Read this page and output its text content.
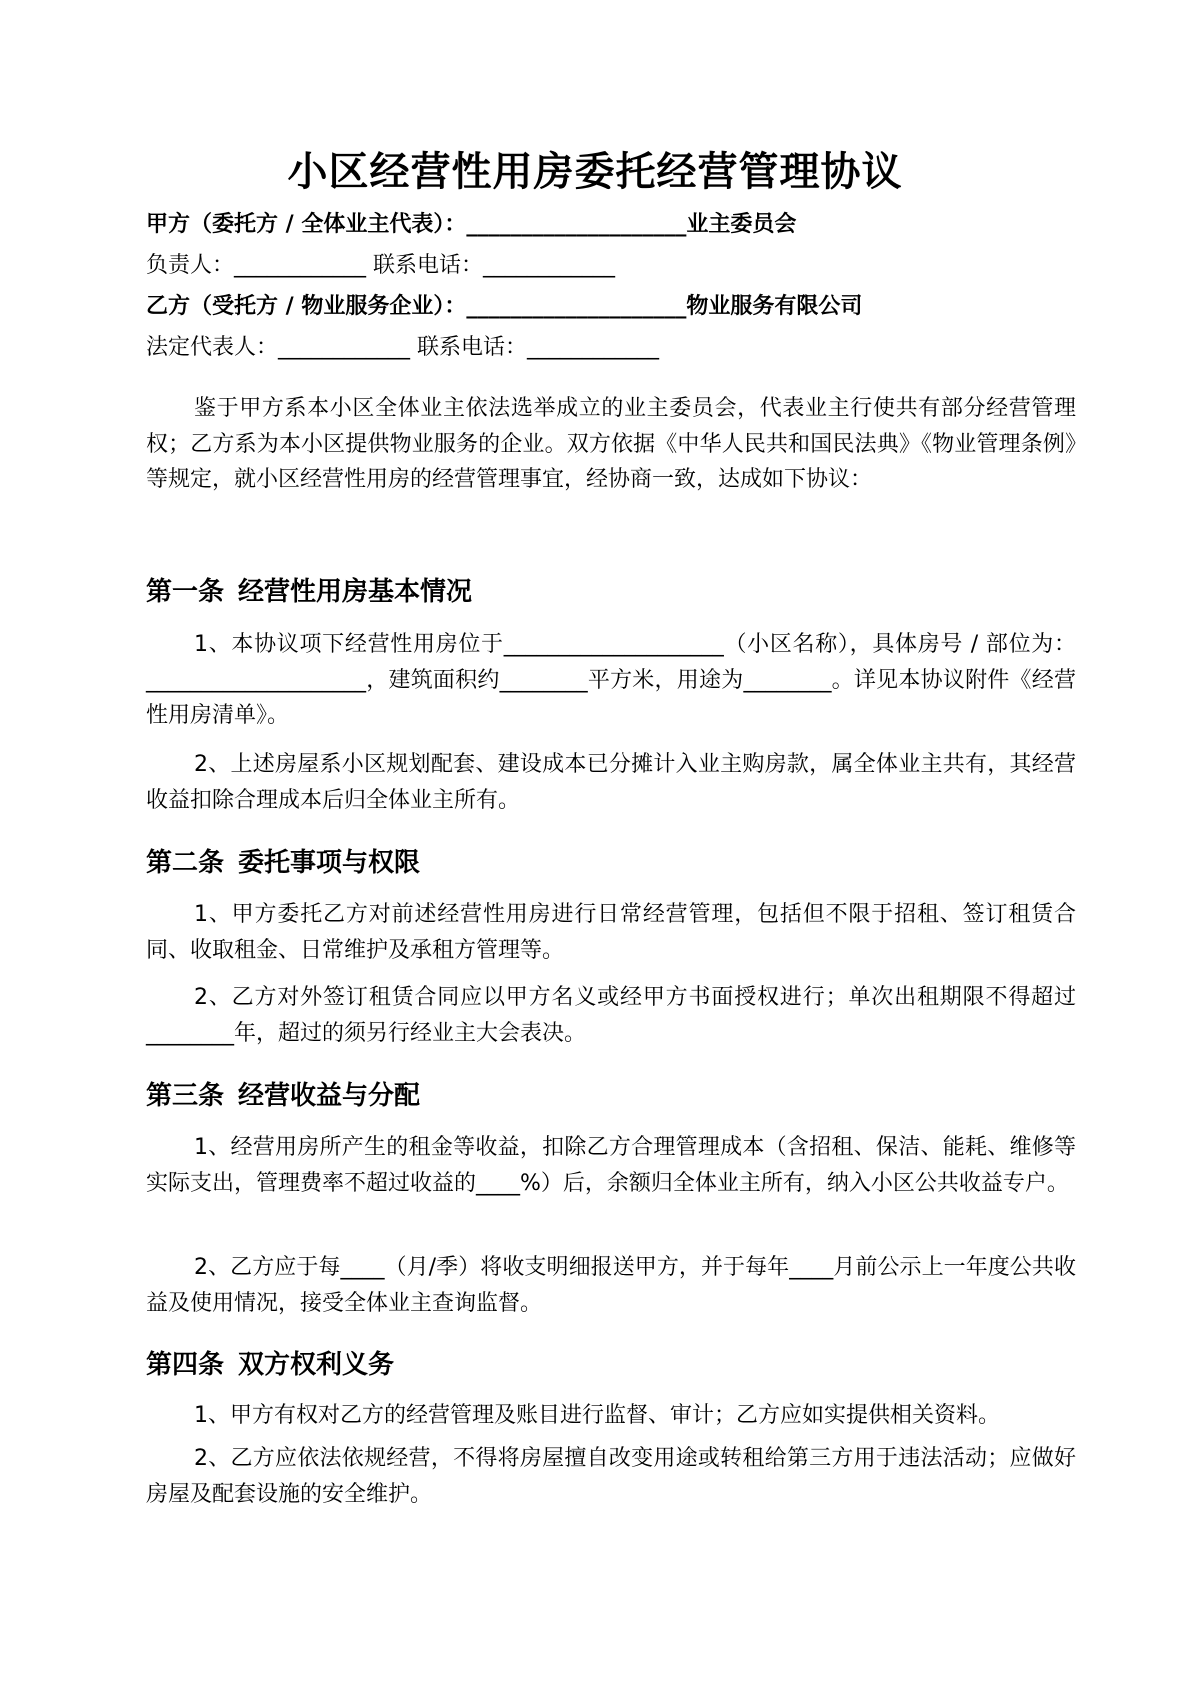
小区经营性用房委托经营管理协议
甲方（委托方 / 全体业主代表）：____________________业主委员会
负责人：____________ 联系电话：____________
乙方（受托方 / 物业服务企业）：____________________物业服务有限公司
法定代表人：____________ 联系电话：____________
鉴于甲方系本小区全体业主依法选举成立的业主委员会，代表业主行使共有部分经营管理权；乙方系为本小区提供物业服务的企业。双方依据《中华人民共和国民法典》《物业管理条例》等规定，就小区经营性用房的经营管理事宜，经协商一致，达成如下协议：
第一条 经营性用房基本情况
1、本协议项下经营性用房位于____________________（小区名称），具体房号 / 部位为：____________________，建筑面积约________平方米，用途为________。详见本协议附件《经营性用房清单》。
2、上述房屋系小区规划配套、建设成本已分摊计入业主购房款，属全体业主共有，其经营收益扣除合理成本后归全体业主所有。
第二条 委托事项与权限
1、甲方委托乙方对前述经营性用房进行日常经营管理，包括但不限于招租、签订租赁合同、收取租金、日常维护及承租方管理等。
2、乙方对外签订租赁合同应以甲方名义或经甲方书面授权进行；单次出租期限不得超过________年，超过的须另行经业主大会表决。
第三条 经营收益与分配
1、经营用房所产生的租金等收益，扣除乙方合理管理成本（含招租、保洁、能耗、维修等实际支出，管理费率不超过收益的____%）后，余额归全体业主所有，纳入小区公共收益专户。
2、乙方应于每____（月/季）将收支明细报送甲方，并于每年____月前公示上一年度公共收益及使用情况，接受全体业主查询监督。
第四条 双方权利义务
1、甲方有权对乙方的经营管理及账目进行监督、审计；乙方应如实提供相关资料。
2、乙方应依法依规经营，不得将房屋擅自改变用途或转租给第三方用于违法活动；应做好房屋及配套设施的安全维护。
